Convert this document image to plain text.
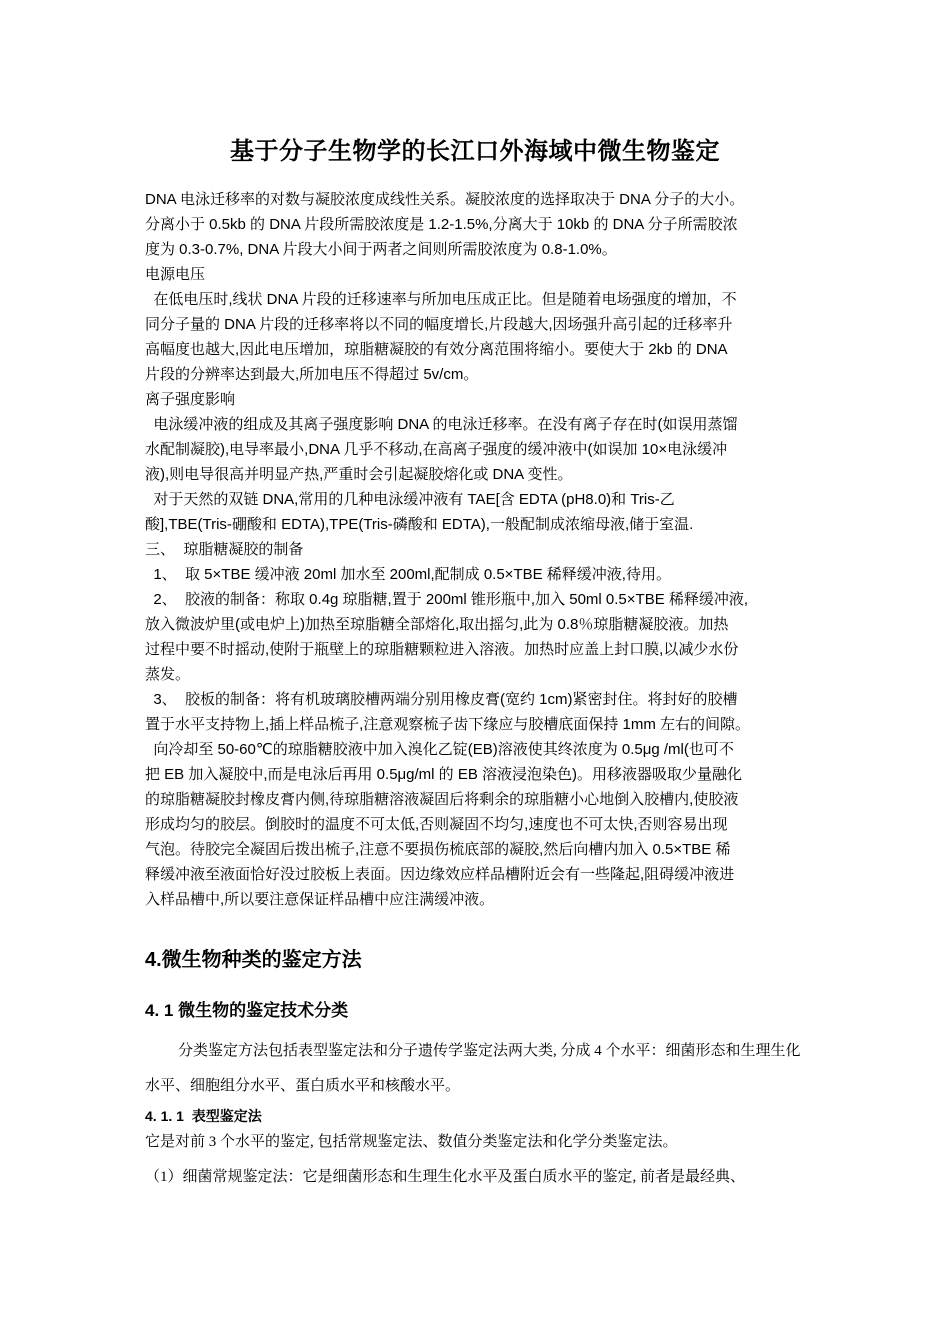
基于分子生物学的长江口外海域中微生物鉴定

DNA 电泳迁移率的对数与凝胶浓度成线性关系。凝胶浓度的选择取决于 DNA 分子的大小。

分离小于 0.5kb 的 DNA 片段所需胶浓度是 1.2-1.5%,分离大于 10kb 的 DNA 分子所需胶浓

度为 0.3-0.7%, DNA 片段大小间于两者之间则所需胶浓度为 0.8-1.0%。

电源电压

在低电压时,线状 DNA 片段的迁移速率与所加电压成正比。但是随着电场强度的增加，不

同分子量的 DNA 片段的迁移率将以不同的幅度增长,片段越大,因场强升高引起的迁移率升

高幅度也越大,因此电压增加，琼脂糖凝胶的有效分离范围将缩小。要使大于 2kb 的 DNA

片段的分辨率达到最大,所加电压不得超过 5v/cm。

离子强度影响

电泳缓冲液的组成及其离子强度影响 DNA 的电泳迁移率。在没有离子存在时(如误用蒸馏

水配制凝胶),电导率最小,DNA 几乎不移动,在高离子强度的缓冲液中(如误加 10×电泳缓冲

液),则电导很高并明显产热,严重时会引起凝胶熔化或 DNA 变性。

对于天然的双链 DNA,常用的几种电泳缓冲液有 TAE[含 EDTA (pH8.0)和 Tris-乙

酸],TBE(Tris-硼酸和 EDTA),TPE(Tris-磷酸和 EDTA),一般配制成浓缩母液,储于室温.

三、  琼脂糖凝胶的制备

1、  取 5×TBE 缓冲液 20ml 加水至 200ml,配制成 0.5×TBE 稀释缓冲液,待用。

2、  胶液的制备：称取 0.4g 琼脂糖,置于 200ml 锥形瓶中,加入 50ml 0.5×TBE 稀释缓冲液,

放入微波炉里(或电炉上)加热至琼脂糖全部熔化,取出摇匀,此为 0.8％琼脂糖凝胶液。加热

过程中要不时摇动,使附于瓶壁上的琼脂糖颗粒进入溶液。加热时应盖上封口膜,以减少水份

蒸发。

3、  胶板的制备：将有机玻璃胶槽两端分别用橡皮膏(宽约 1cm)紧密封住。将封好的胶槽

置于水平支持物上,插上样品梳子,注意观察梳子齿下缘应与胶槽底面保持 1mm 左右的间隙。

向冷却至 50-60℃的琼脂糖胶液中加入溴化乙锭(EB)溶液使其终浓度为 0.5μg /ml(也可不

把 EB 加入凝胶中,而是电泳后再用 0.5μg/ml 的 EB 溶液浸泡染色)。用移液器吸取少量融化

的琼脂糖凝胶封橡皮膏内侧,待琼脂糖溶液凝固后将剩余的琼脂糖小心地倒入胶槽内,使胶液

形成均匀的胶层。倒胶时的温度不可太低,否则凝固不均匀,速度也不可太快,否则容易出现

气泡。待胶完全凝固后拨出梳子,注意不要损伤梳底部的凝胶,然后向槽内加入 0.5×TBE 稀

释缓冲液至液面恰好没过胶板上表面。因边缘效应样品槽附近会有一些隆起,阻碍缓冲液进

入样品槽中,所以要注意保证样品槽中应注满缓冲液。

4.微生物种类的鉴定方法
4. 1 微生物的鉴定技术分类

分类鉴定方法包括表型鉴定法和分子遗传学鉴定法两大类, 分成 4 个水平：细菌形态和生理生化水平、细胞组分水平、蛋白质水平和核酸水平。

4. 1. 1  表型鉴定法

它是对前 3 个水平的鉴定, 包括常规鉴定法、数值分类鉴定法和化学分类鉴定法。

（1）细菌常规鉴定法：它是细菌形态和生理生化水平及蛋白质水平的鉴定, 前者是最经典、
